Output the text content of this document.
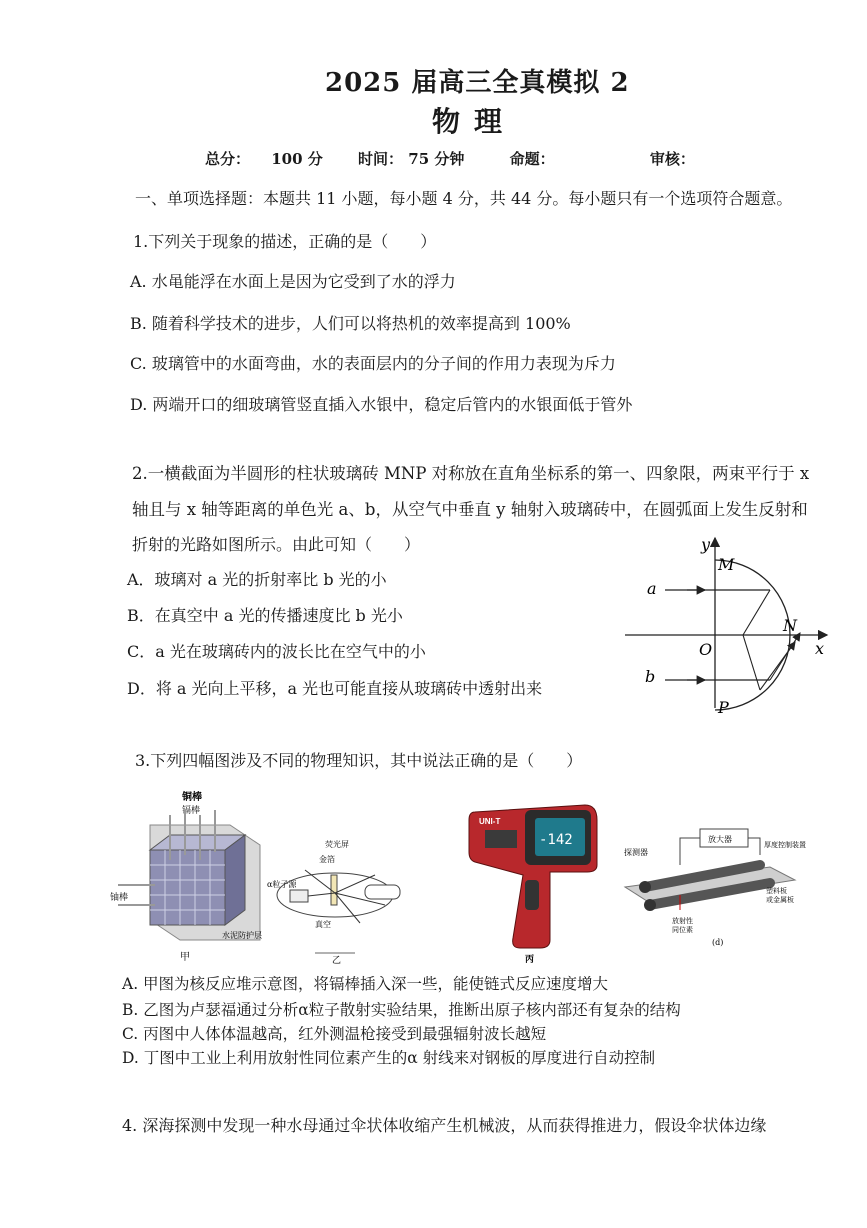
2025 届高三全真模拟 2
物理
总分： 100 分 时间： 75 分钟	命题：	审核：
一、单项选择题：本题共 11 小题，每小题 4 分，共 44 分。每小题只有一个选项符合题意。
1.下列关于现象的描述，正确的是（　　）
A. 水黾能浮在水面上是因为它受到了水的浮力
B. 随着科学技术的进步，人们可以将热机的效率提高到 100%
C. 玻璃管中的水面弯曲，水的表面层内的分子间的作用力表现为斥力
D. 两端开口的细玻璃管竖直插入水银中，稳定后管内的水银面低于管外
2.一横截面为半圆形的柱状玻璃砖 MNP 对称放在直角坐标系的第一、四象限，两束平行于 x
轴且与 x 轴等距离的单色光 a、b，从空气中垂直 y 轴射入玻璃砖中，在圆弧面上发生反射和
折射的光路如图所示。由此可知（　　）
A．玻璃对 a 光的折射率比 b 光的小
B．在真空中 a 光的传播速度比 b 光小
C．a 光在玻璃砖内的波长比在空气中的小
D．将 a 光向上平移，a 光也可能直接从玻璃砖中透射出来
y
M
N
O
P
x
a
b
3.下列四幅图涉及不同的物理知识，其中说法正确的是（　　）
铜棒
镉棒
铀棒
水泥防护层
甲
荧光屏
金箔
α粒子源
真空
乙
-142
UNI-T
丙
放大器
厚度控制装置
探测器
放射性
同位素
塑料板
或金属板
(d)
A. 甲图为核反应堆示意图，将镉棒插入深一些，能使链式反应速度增大
B. 乙图为卢瑟福通过分析α粒子散射实验结果，推断出原子核内部还有复杂的结构
C. 丙图中人体体温越高，红外测温枪接受到最强辐射波长越短
D. 丁图中工业上利用放射性同位素产生的α 射线来对钢板的厚度进行自动控制
4. 深海探测中发现一种水母通过伞状体收缩产生机械波，从而获得推进力，假设伞状体边缘
